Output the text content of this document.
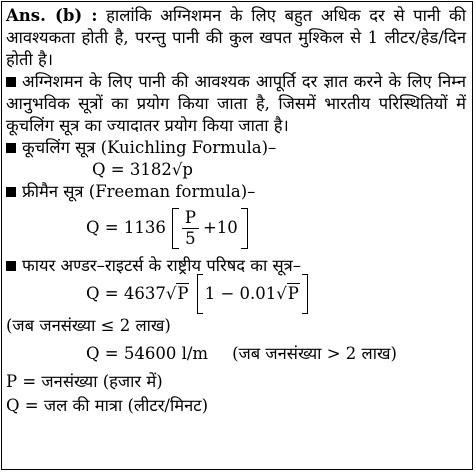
Ans. (b) : हालांकि अग्निशमन के लिए बहुत अधिक दर से पानी की आवश्यकता होती है, परन्तु पानी की कुल खपत मुश्किल से 1 लीटर/हेड/दिन होती है।
अग्निशमन के लिए पानी की आवश्यक आपूर्ति दर ज्ञात करने के लिए निम्न आनुभविक सूत्रों का प्रयोग किया जाता है, जिसमें भारतीय परिस्थितियों में कूचलिंग सूत्र का ज्यादातर प्रयोग किया जाता है।
कूचलिंग सूत्र (Kuichling Formula)–
Q = 3182√p
फ्रीमैन सूत्र (Freeman formula)–
$Q = 1136 \frac{P}{5} +10$
फायर अण्डर–राइटर्स के राष्ट्रीय परिषद का सूत्र–
Q = 4637√P 1 − 0.01√P
(जब जनसंख्या ≤ 2 लाख)
Q = 54600 l/m (जब जनसंख्या > 2 लाख)
P = जनसंख्या (हजार में)
Q = जल की मात्रा (लीटर/मिनट)
